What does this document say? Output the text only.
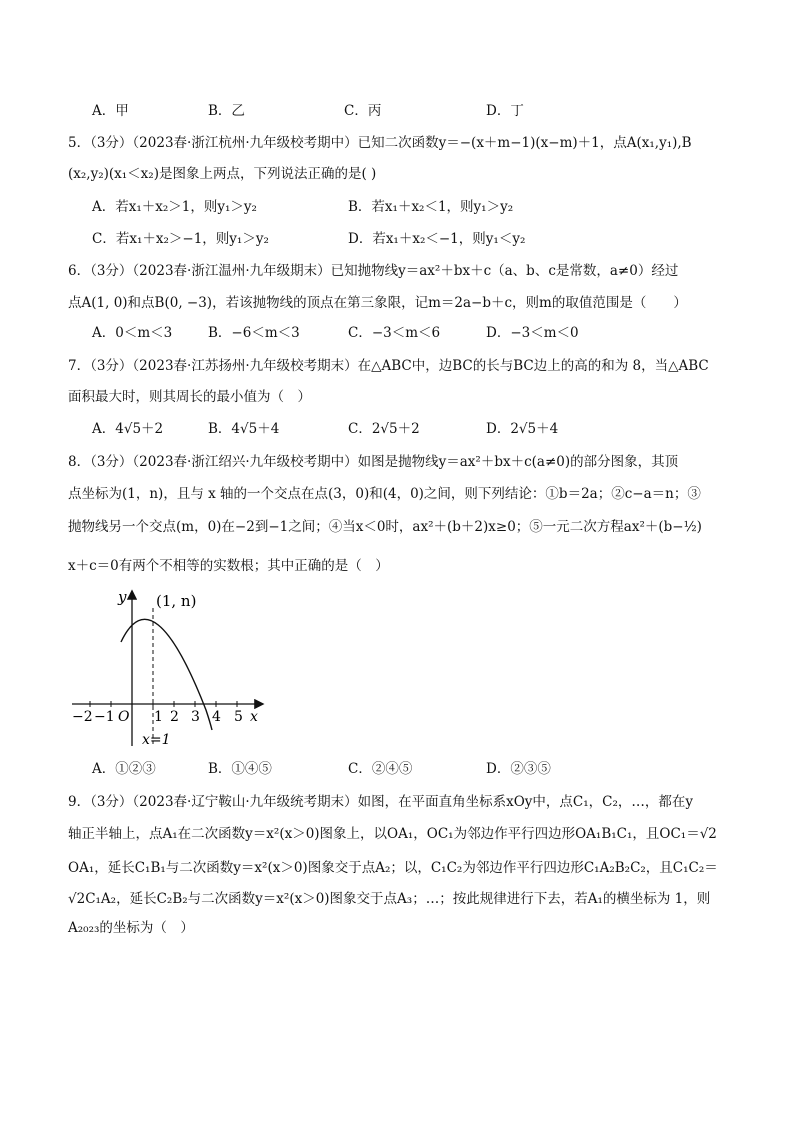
A．甲	B．乙	C．丙	D．丁
5．（3分）（2023春·浙江杭州·九年级校考期中）已知二次函数y＝−(x＋m−1)(x−m)＋1，点A(x₁,y₁),B
(x₂,y₂)(x₁＜x₂)是图象上两点，下列说法正确的是( )
A．若x₁＋x₂＞1，则y₁＞y₂	B．若x₁＋x₂＜1，则y₁＞y₂
C．若x₁＋x₂＞−1，则y₁＞y₂	D．若x₁＋x₂＜−1，则y₁＜y₂
6．（3分）（2023春·浙江温州·九年级期末）已知抛物线y＝ax²＋bx＋c（a、b、c是常数，a≠0）经过
点A(1, 0)和点B(0, −3)，若该抛物线的顶点在第三象限，记m＝2a−b＋c，则m的取值范围是（　　）
A．0＜m＜3	B．−6＜m＜3	C．−3＜m＜6	D．−3＜m＜0
7．（3分）（2023春·江苏扬州·九年级校考期末）在△ABC中，边BC的长与BC边上的高的和为 8，当△ABC
面积最大时，则其周长的最小值为（　）
A．4√5＋2	B．4√5＋4	C．2√5＋2	D．2√5＋4
8．（3分）（2023春·浙江绍兴·九年级校考期中）如图是抛物线y＝ax²＋bx＋c(a≠0)的部分图象，其顶
点坐标为(1，n)，且与 x 轴的一个交点在点(3，0)和(4，0)之间，则下列结论：①b＝2a；②c−a＝n；③
抛物线另一个交点(m，0)在−2到−1之间；④当x＜0时，ax²＋(b＋2)x≥0；⑤一元二次方程ax²＋(b−½)
x＋c＝0有两个不相等的实数根；其中正确的是（　）
y (1, n)
O	x
−2 −1	1 2 3 4 5
x=1
A．①②③	B．①④⑤	C．②④⑤	D．②③⑤
9．（3分）（2023春·辽宁鞍山·九年级统考期末）如图，在平面直角坐标系xOy中，点C₁，C₂，…，都在y
轴正半轴上，点A₁在二次函数y＝x²(x＞0)图象上，以OA₁，OC₁为邻边作平行四边形OA₁B₁C₁，且OC₁＝√2
OA₁，延长C₁B₁与二次函数y＝x²(x＞0)图象交于点A₂；以，C₁C₂为邻边作平行四边形C₁A₂B₂C₂，且C₁C₂＝
√2C₁A₂，延长C₂B₂与二次函数y＝x²(x＞0)图象交于点A₃；…；按此规律进行下去，若A₁的横坐标为 1，则
A₂₀₂₃的坐标为（　）
